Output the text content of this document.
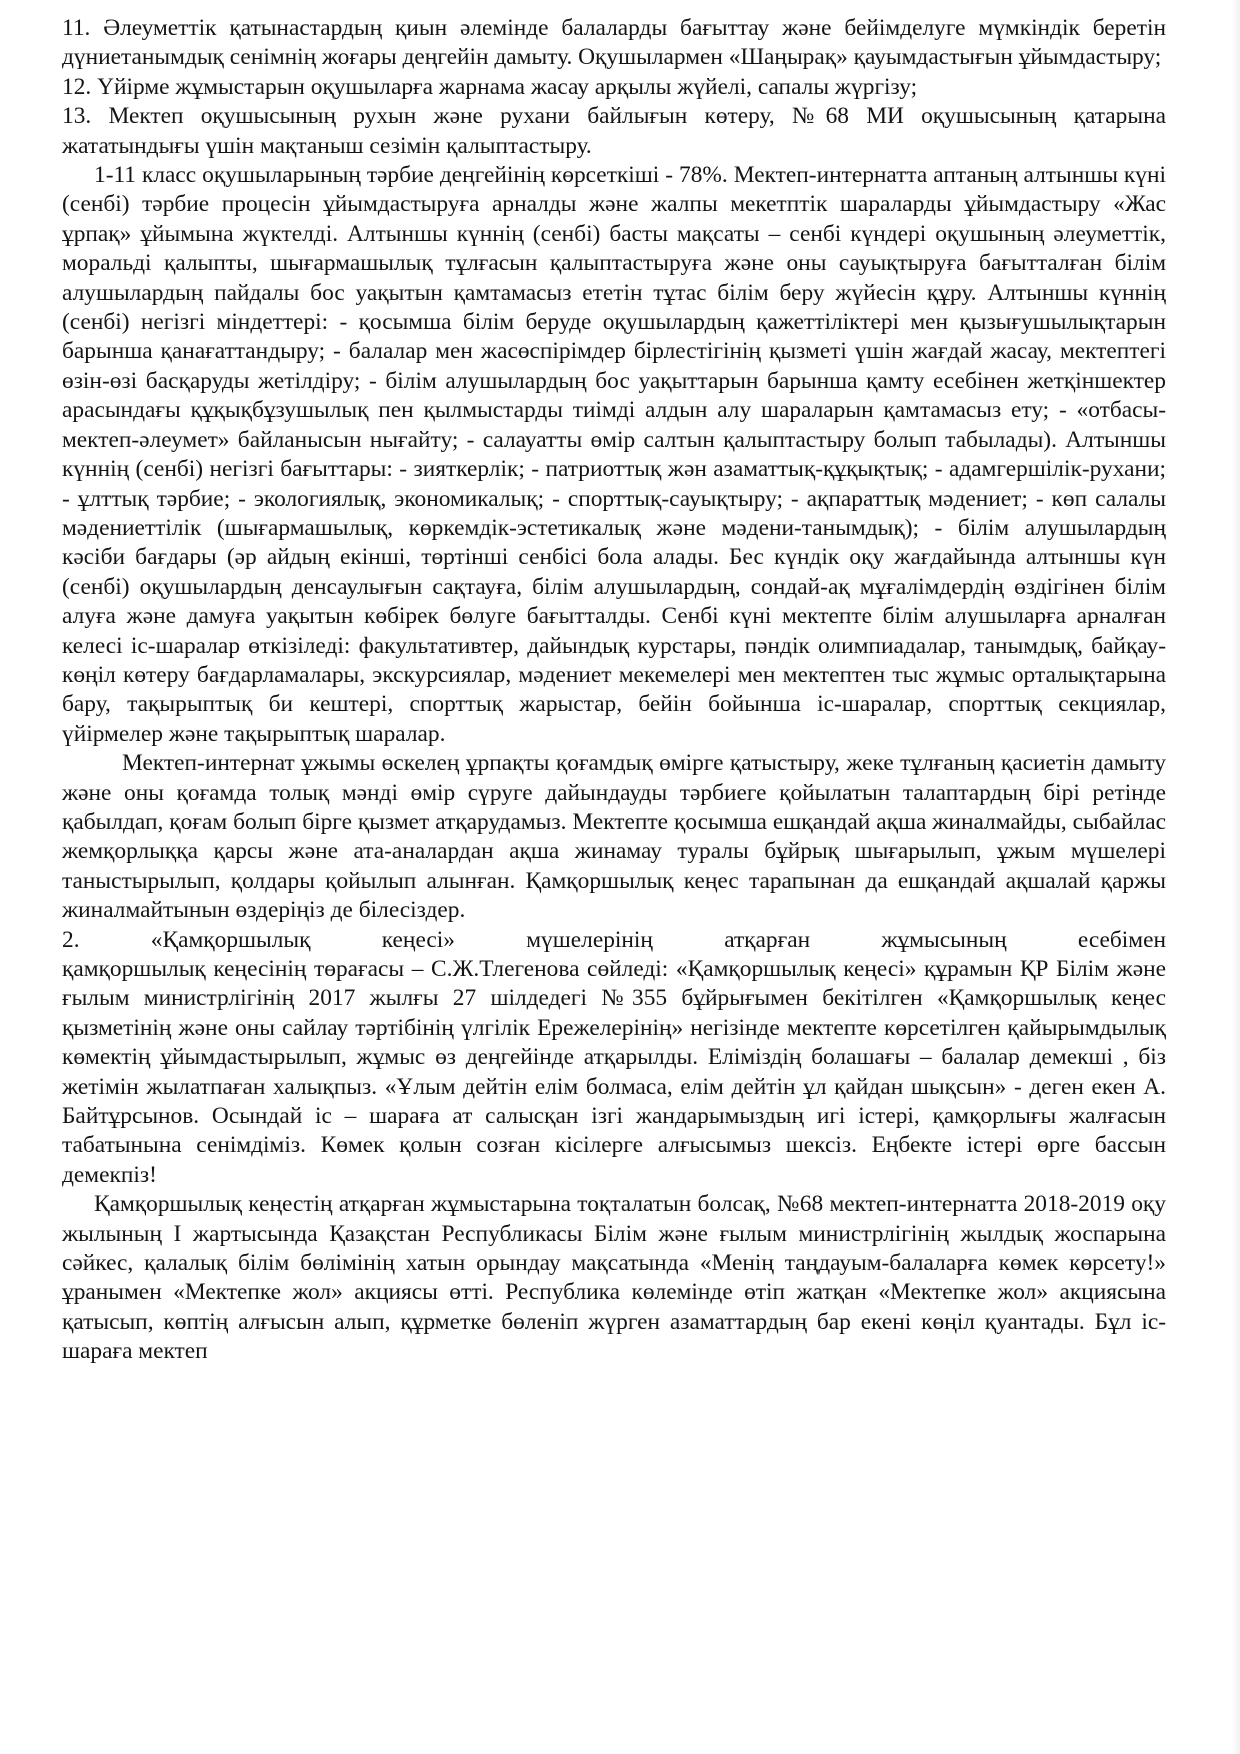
11. Әлеуметтік қатынастардың қиын әлемінде балаларды бағыттау және бейімделуге мүмкіндік беретін дүниетанымдық сенімнің жоғары деңгейін дамыту. Оқушылармен «Шаңырақ» қауымдастығын ұйымдастыру;

12. Үйірме жұмыстарын оқушыларға жарнама жасау арқылы жүйелі, сапалы жүргізу;

13. Мектеп оқушысының рухын және рухани байлығын көтеру, №68 МИ оқушысының қатарына жататындығы үшін мақтаныш сезімін қалыптастыру.

1-11 класс оқушыларының тәрбие деңгейінің көрсеткіші - 78%. Мектеп-интернатта аптаның алтыншы күні (сенбі) тәрбие процесін ұйымдастыруға арналды және жалпы мекетптік шараларды ұйымдастыру «Жас ұрпақ» ұйымына жүктелді. Алтыншы күннің (сенбі) басты мақсаты – сенбі күндері оқушының әлеуметтік, моральді қалыпты, шығармашылық тұлғасын қалыптастыруға және оны сауықтыруға бағытталған білім алушылардың пайдалы бос уақытын қамтамасыз ететін тұтас білім беру жүйесін құру. Алтыншы күннің (сенбі) негізгі міндеттері: - қосымша білім беруде оқушылардың қажеттіліктері мен қызығушылықтарын барынша қанағаттандыру; - балалар мен жасөспірімдер бірлестігінің қызметі үшін жағдай жасау, мектептегі өзін-өзі басқаруды жетілдіру; - білім алушылардың бос уақыттарын барынша қамту есебінен жетқіншектер арасындағы құқықбұзушылық пен қылмыстарды тиімді алдын алу шараларын қамтамасыз ету; - «отбасы-мектеп-әлеумет» байланысын нығайту; - салауатты өмір салтын қалыптастыру болып табылады). Алтыншы күннің (сенбі) негізгі бағыттары: - зияткерлік; - патриоттық жән азаматтық-құқықтық; - адамгершілік-рухани; - ұлттық тәрбие; - экологиялық, экономикалық; - спорттық-сауықтыру; - ақпараттық мәдениет; - көп салалы мәдениеттілік (шығармашылық, көркемдік-эстетикалық және мәдени-танымдық); - білім алушылардың кәсіби бағдары (әр айдың екінші, төртінші сенбісі бола алады. Бес күндік оқу жағдайында алтыншы күн (сенбі) оқушылардың денсаулығын сақтауға, білім алушылардың, сондай-ақ мұғалімдердің өздігінен білім алуға және дамуға уақытын көбірек бөлуге бағытталды. Сенбі күні мектепте білім алушыларға арналған келесі іс-шаралар өткізіледі: факультативтер, дайындық курстары, пәндік олимпиадалар, танымдық, байқау-көңіл көтеру бағдарламалары, экскурсиялар, мәдениет мекемелері мен мектептен тыс жұмыс орталықтарына бару, тақырыптық би кештері, спорттық жарыстар, бейін бойынша іс-шаралар, спорттық секциялар, үйірмелер және тақырыптық шаралар.

Мектеп-интернат ұжымы өскелең ұрпақты қоғамдық өмірге қатыстыру, жеке тұлғаның қасиетін дамыту және оны қоғамда толық мәнді өмір сүруге дайындауды тәрбиеге қойылатын талаптардың бірі ретінде қабылдап, қоғам болып бірге қызмет атқарудамыз. Мектепте қосымша ешқандай ақша жиналмайды, сыбайлас жемқорлыққа қарсы және ата-аналардан ақша жинамау туралы бұйрық шығарылып, ұжым мүшелері таныстырылып, қолдары қойылып алынған. Қамқоршылық кеңес тарапынан да ешқандай ақшалай қаржы жиналмайтынын өздеріңіз де білесіздер.

2.	«Қамқоршылық	кеңесі»	мүшелерінің	атқарған	жұмысының	есебімен

қамқоршылық кеңесінің төрағасы – С.Ж.Тлегенова сөйледі: «Қамқоршылық кеңесі» құрамын ҚР Білім және ғылым министрлігінің 2017 жылғы 27 шілдедегі №355 бұйрығымен бекітілген «Қамқоршылық кеңес қызметінің және оны сайлау тәртібінің үлгілік Ережелерінің» негізінде мектепте көрсетілген қайырымдылық көмектің ұйымдастырылып, жұмыс өз деңгейінде атқарылды. Еліміздің болашағы – балалар демекші , біз жетімін жылатпаған халықпыз. «Ұлым дейтін елім болмаса, елім дейтін ұл қайдан шықсын» - деген екен А. Байтұрсынов. Осындай іс – шараға ат салысқан ізгі жандарымыздың игі істері, қамқорлығы жалғасын табатынына сенімдіміз. Көмек қолын созған кісілерге алғысымыз шексіз. Еңбекте істері өрге бассын демекпіз!

Қамқоршылық кеңестің атқарған жұмыстарына тоқталатын болсақ, №68 мектеп-интернатта 2018-2019 оқу жылының І жартысында Қазақстан Республикасы Білім және ғылым министрлігінің жылдық жоспарына сәйкес, қалалық білім бөлімінің хатын орындау мақсатында «Менің таңдауым-балаларға көмек көрсету!» ұранымен «Мектепке жол» акциясы өтті. Республика көлемінде өтіп жатқан «Мектепке жол» акциясына қатысып, көптің алғысын алып, құрметке бөленіп жүрген азаматтардың бар екені көңіл қуантады. Бұл іс-шараға мектеп
